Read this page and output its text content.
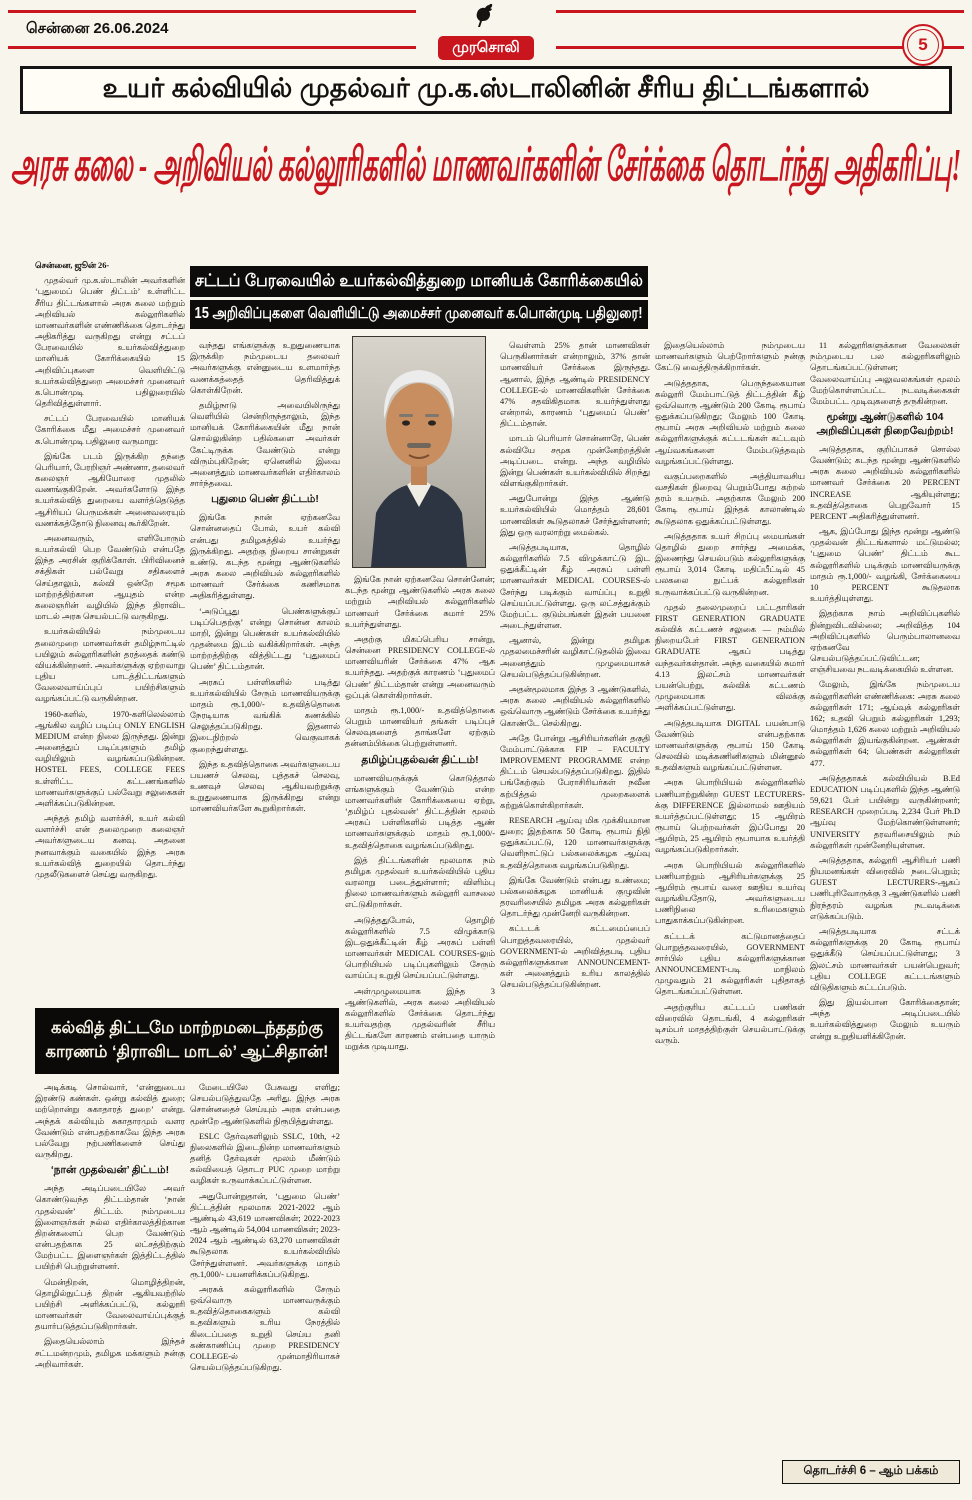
சென்னை 26.06.2024
முரசொலி	5
உயர் கல்வியில் முதல்வர் மு.க.ஸ்டாலினின் சீரிய திட்டங்களால்
அரசு கலை - அறிவியல் கல்லூரிகளில் மாணவர்களின் சேர்க்கை தொடர்ந்து அதிகரிப்பு!
சட்டப் பேரவையில் உயர்கல்வித்துறை மானியக் கோரிக்கையில்
15 அறிவிப்புகளை வெளியிட்டு அமைச்சர் முனைவர் க.பொன்முடி பதிலுரை!

சென்னை, ஜூன் 26-

முதல்வர் மு.க.ஸ்டாலின் அவர்களின் ‘புதுமைப் பெண் திட்டம்’ உள்ளிட்ட சீரிய திட்டங்களால் அரசு கலை மற்றும் அறிவியல் கல்லூரிகளில் மாணவர்களின் எண்ணிக்கை தொடர்ந்து அதிகரித்து வருகிறது என்று சட்டப் பேரவையில் உயர்கல்வித்துறை மானியக் கோரிக்கையில் 15 அறிவிப்புகளை வெளியிட்டு உயர்கல்வித்துறை அமைச்சர் முனைவர் க.பொன்முடி பதிலுரையில் தெரிவித்துள்ளார்.

சட்டப் பேரவையில் மானியக் கோரிக்கை மீது அமைச்சர் முனைவர் க.பொன்முடி பதிலுரை வருமாறு:

இங்கே படம் இருக்கிற தந்தை பெரியார், பேரறிஞர் அண்ணா, தலைவர் கலைஞர் ஆகியோரை முதலில் வணங்குகிறேன். அவர்களோடு இந்த உயர்கல்வித் துறையை வளர்த்தெடுத்த ஆசிரியப் பெருமக்கள் அனைவரையும் வணக்கத்தோடு நினைவு கூர்கிறேன்.

அனைவரும், எளியோரும் உயர்கல்வி பெற வேண்டும் என்பதே இந்த அரசின் குறிக்கோள். பிரிவினைச் சக்திகள் பல்வேறு சதிகளைச் செய்தாலும், கல்வி ஒன்றே சமூக மாற்றத்திற்கான ஆயுதம் என்ற கலைஞரின் வழியில் இந்த திராவிட மாடல் அரசு செயல்பட்டு வருகிறது.

உயர்கல்வியில் நம்முடைய தலைமுறை மாணவர்கள் தமிழ்நாட்டில் பயிலும் கல்லூரிகளின் தரத்தைக் கண்டு வியக்கின்றனர். அவர்களுக்கு ஏற்றவாறு புதிய பாடத்திட்டங்களும் வேலைவாய்ப்புப் பயிற்சிகளும் வழங்கப்பட்டு வருகின்றன.

1960-களில், 1970-களிலெல்லாம் ஆங்கில வழிப் படிப்பு ONLY ENGLISH MEDIUM என்ற நிலை இருந்தது. இன்று அனைத்துப் படிப்புகளும் தமிழ் வழியிலும் வழங்கப்படுகின்றன. HOSTEL FEES, COLLEGE FEES உள்ளிட்ட கட்டணங்களில் மாணவர்களுக்குப் பல்வேறு சலுகைகள் அளிக்கப்படுகின்றன.

அந்தத் தமிழ் வளர்ச்சி, உயர் கல்வி வளர்ச்சி என் தலைமுறை கலைஞர் அவர்களுடைய கனவு. அதனை நனவாக்கும் வகையில் இந்த அரசு உயர்கல்வித் துறையில் தொடர்ந்து முதலீடுகளைச் செய்து வருகிறது.

கல்வித் திட்டமே மாற்றமடைந்ததற்கு
காரணம் ‘திராவிட மாடல்’ ஆட்சிதான்!

அடிக்கடி சொல்வார், ‘என்னுடைய இரண்டு கண்கள். ஒன்று கல்வித் துறை; மற்றொன்று சுகாதாரத் துறை’ என்று. அந்தக் கல்வியும் சுகாதாரமும் வளர வேண்டும் என்பதற்காகவே இந்த அரசு பல்வேறு நற்பணிகளைச் செய்து வருகிறது.

‘நான் முதல்வன்’ திட்டம்!

அந்த அடிப்படையிலே அவர் கொண்டுவந்த திட்டம்தான் ‘நான் முதல்வன்’ திட்டம். நம்முடைய இளைஞர்கள் நல்ல எதிர்காலத்திற்கான திறன்களைப் பெற வேண்டும் என்பதற்காக 25 லட்சத்திற்கும் மேற்பட்ட இளைஞர்கள் இத்திட்டத்தில் பயிற்சி பெற்றுள்ளனர்.

மென்திறன், மொழித்திறன், தொழில்நுட்பத் திறன் ஆகியவற்றில் பயிற்சி அளிக்கப்பட்டு, கல்லூரி மாணவர்கள் வேலைவாய்ப்புக்குத் தயார்படுத்தப்படுகிறார்கள்.

இதையெல்லாம் இந்தச் சட்டமன்றமும், தமிழக மக்களும் நன்கு அறிவார்கள்.

வந்தது எங்களுக்கு உறுதுணையாக இருக்கிற நம்முடைய தலைவர் அவர்களுக்கு என்னுடைய உளமார்ந்த வணக்கத்தைத் தெரிவித்துக் கொள்கிறேன்.

தமிழ்நாடு அவையிலிருந்து வெளியில் சென்றிருந்தாலும், இந்த மானியக் கோரிக்கையின் மீது நான் சொல்லுகின்ற பதில்களை அவர்கள் கேட்டிருக்க வேண்டும் என்று விரும்புகிறேன்; ஏனெனில் இவை அனைத்தும் மாணவர்களின் எதிர்காலம் சார்ந்தவை.

புதுமை பெண் திட்டம்!

இங்கே நான் ஏற்கனவே சொன்னதைப் போல், உயர் கல்வி என்பது தமிழகத்தில் உயர்ந்து இருக்கிறது. அதற்கு நிறைய சான்றுகள் உண்டு. கடந்த மூன்று ஆண்டுகளில் அரசு கலை அறிவியல் கல்லூரிகளில் மாணவர் சேர்க்கை கணிசமாக அதிகரித்துள்ளது.

‘அடுப்பூது பெண்களுக்குப் படிப்பெதற்கு’ என்று சொன்ன காலம் மாறி, இன்று பெண்கள் உயர்கல்வியில் முதன்மை இடம் வகிக்கிறார்கள். அந்த மாற்றத்திற்கு வித்திட்டது ‘புதுமைப் பெண்’ திட்டம்தான்.

அரசுப் பள்ளிகளில் படித்து உயர்கல்வியில் சேரும் மாணவியருக்கு மாதம் ரூ.1,000/- உதவித்தொகை நேரடியாக வங்கிக் கணக்கில் செலுத்தப்படுகிறது. இதனால் இடைநிற்றல் வெகுவாகக் குறைந்துள்ளது.

இந்த உதவித்தொகை அவர்களுடைய பயணச் செலவு, புத்தகச் செலவு, உணவுச் செலவு ஆகியவற்றுக்கு உறுதுணையாக இருக்கிறது என்று மாணவியர்களே கூறுகிறார்கள்.

மேடையிலே பேசுவது எளிது; செயல்படுத்துவதே அரிது. இந்த அரசு சொன்னதைச் செய்யும் அரசு என்பதை மூன்றே ஆண்டுகளில் நிரூபித்துள்ளது.

ESLC தேர்வுகளிலும் SSLC, 10th, +2 நிலைகளில் இடைநின்ற மாணவர்களும் தனித் தேர்வுகள் மூலம் மீண்டும் கல்வியைத் தொடர PUC முறை மாற்று வழிகள் உருவாக்கப்பட்டுள்ளன.

அதுபோன்றுதான், ‘புதுமை பெண்’ திட்டத்தின் மூலமாக 2021-2022 ஆம் ஆண்டில் 43,619 மாணவிகள்; 2022-2023 ஆம் ஆண்டில் 54,004 மாணவிகள்; 2023-2024 ஆம் ஆண்டில் 63,270 மாணவிகள் கூடுதலாக உயர்கல்வியில் சேர்ந்துள்ளனர். அவர்களுக்கு மாதம் ரூ.1,000/- பயனளிக்கப்படுகிறது.

அரசுக் கல்லூரிகளில் சேரும் ஒவ்வொரு மாணவருக்கும் உதவித்தொகைகளும் கல்வி உதவிகளும் உரிய நேரத்தில் கிடைப்பதை உறுதி செய்ய தனி கண்காணிப்பு முறை PRESIDENCY COLLEGE-ல் முன்மாதிரியாகச் செயல்படுத்தப்படுகிறது.

இங்கே நான் ஏற்கனவே சொன்னேன்; கடந்த மூன்று ஆண்டுகளில் அரசு கலை மற்றும் அறிவியல் கல்லூரிகளில் மாணவர் சேர்க்கை சுமார் 25% உயர்ந்துள்ளது.

அதற்கு மிகப்பெரிய சான்று, சென்னை PRESIDENCY COLLEGE-ல் மாணவியரின் சேர்க்கை 47% ஆக உயர்ந்தது. அதற்குக் காரணம் ‘புதுமைப் பெண்’ திட்டம்தான் என்று அனைவரும் ஒப்புக் கொள்கிறார்கள்.

மாதம் ரூ.1,000/- உதவித்தொகை பெறும் மாணவியர் தங்கள் படிப்புச் செலவுகளைத் தாங்களே ஏற்கும் தன்னம்பிக்கை பெற்றுள்ளனர்.

தமிழ்ப்புதல்வன் திட்டம்!

மாணவியருக்குக் கொடுத்தால் எங்களுக்கும் வேண்டும் என்ற மாணவர்களின் கோரிக்கையை ஏற்று, ‘தமிழ்ப் புதல்வன்’ திட்டத்தின் மூலம் அரசுப் பள்ளிகளில் படித்த ஆண் மாணவர்களுக்கும் மாதம் ரூ.1,000/- உதவித்தொகை வழங்கப்படுகிறது.

இத் திட்டங்களின் மூலமாக நம் தமிழக முதல்வர் உயர்கல்வியில் புதிய வரலாறு படைத்துள்ளார்; விளிம்பு நிலை மாணவர்களும் கல்லூரி வாசலை எட்டுகிறார்கள்.

அடுத்ததுபோல், தொழிற் கல்லூரிகளில் 7.5 விழுக்காடு இடஒதுக்கீட்டின் கீழ் அரசுப் பள்ளி மாணவர்கள் MEDICAL COURSES-லும் பொறியியல் படிப்புகளிலும் சேரும் வாய்ப்பு உறுதி செய்யப்பட்டுள்ளது.

அள்முழுமையாக இந்த 3 ஆண்டுகளில், அரசு கலை அறிவியல் கல்லூரிகளில் சேர்க்கை தொடர்ந்து உயர்வதற்கு முதல்வரின் சீரிய திட்டங்களே காரணம் என்பதை யாரும் மறுக்க முடியாது.

வெள்ளம் 25% தான் மாணவிகள் பெருகினார்கள் என்றாலும், 37% தான் மாணவியர் சேர்க்கை இருந்தது. ஆனால், இந்த ஆண்டில் PRESIDENCY COLLEGE-ல் மாணவிகளின் சேர்க்கை 47% சதவிகிதமாக உயர்ந்துள்ளது என்றால், காரணம் ‘புதுமைப் பெண்’ திட்டம்தான்.

மாடம் பெரியார் சொன்னாரே, பெண் கல்வியே சமூக முன்னேற்றத்தின் அடிப்படை என்று. அந்த வழியில் இன்று பெண்கள் உயர்கல்வியில் சிறந்து விளங்குகிறார்கள்.

அதுபோன்று இந்த ஆண்டு உயர்கல்வியில் மொத்தம் 28,601 மாணவிகள் கூடுதலாகச் சேர்ந்துள்ளனர்; இது ஒரு வரலாற்று மைல்கல்.

அடுத்தபடியாக, தொழில் கல்லூரிகளில் 7.5 விழுக்காட்டு இட ஒதுக்கீட்டின் கீழ் அரசுப் பள்ளி மாணவர்கள் MEDICAL COURSES-ல் சேர்ந்து படிக்கும் வாய்ப்பு உறுதி செய்யப்பட்டுள்ளது. ஒரு லட்சத்துக்கும் மேற்பட்ட குடும்பங்கள் இதன் பயனை அடைந்துள்ளன.

ஆனால், இன்று தமிழக முதலமைச்சரின் வழிகாட்டுதலில் இவை அனைத்தும் முழுமையாகச் செயல்படுத்தப்படுகின்றன.

அதன்மூலமாக இந்த 3 ஆண்டுகளில், அரசு கலை அறிவியல் கல்லூரிகளில் ஒவ்வொரு ஆண்டும் சேர்க்கை உயர்ந்து கொண்டே செல்கிறது.

அதே போன்று ஆசிரியர்களின் தகுதி மேம்பாட்டுக்காக FIP – FACULTY IMPROVEMENT PROGRAMME என்ற திட்டம் செயல்படுத்தப்படுகிறது. இதில் பங்கேற்கும் பேராசிரியர்கள் நவீன கற்பித்தல் முறைகளைக் கற்றுக்கொள்கிறார்கள்.

RESEARCH ஆய்வு மிக முக்கியமான துறை; இதற்காக 50 கோடி ரூபாய் நிதி ஒதுக்கப்பட்டு, 120 மாணவர்களுக்கு வெளிநாட்டுப் பல்கலைக்கழக ஆய்வு உதவித்தொகை வழங்கப்படுகிறது.

இங்கே வேண்டும் என்பது உண்மை; பல்கலைக்கழக மானியக் குழுவின் தரவரிசையில் தமிழக அரசு கல்லூரிகள் தொடர்ந்து முன்னேறி வருகின்றன.

கட்டடக் கட்டமைப்பைப் பொறுத்தவரையில், முதல்வர் GOVERNMENT-ல் அறிவித்தபடி புதிய கல்லூரிகளுக்கான ANNOUNCEMENT-கள் அனைத்தும் உரிய காலத்தில் செயல்படுத்தப்படுகின்றன.

இதையெல்லாம் நம்முடைய மாணவர்களும் பெற்றோர்களும் நன்கு கேட்டு வைத்திருக்கிறார்கள்.

அடுத்ததாக, பெருந்தகையான கல்லூரி மேம்பாட்டுத் திட்டத்தின் கீழ் ஒவ்வொரு ஆண்டும் 200 கோடி ரூபாய் ஒதுக்கப்படுகிறது; மேலும் 100 கோடி ரூபாய் அரசு அறிவியல் மற்றும் கலை கல்லூரிகளுக்குக் கட்டடங்கள் கட்டவும் ஆய்வகங்களை மேம்படுத்தவும் வழங்கப்பட்டுள்ளது.

வகுப்பறைகளில் அத்தியாவசிய வசதிகள் நிறைவு பெறும்போது கற்றல் தரம் உயரும். அதற்காக மேலும் 200 கோடி ரூபாய் இந்தக் காலாண்டில் கூடுதலாக ஒதுக்கப்பட்டுள்ளது.

அடுத்ததாக உயர் சிறப்பு மையங்கள் தொழில் துறை சார்ந்து அமைக்க, இணைந்து செயல்படும் கல்லூரிகளுக்கு ரூபாய் 3,014 கோடி மதிப்பீட்டில் 45 பலகலை நுட்பக் கல்லூரிகள் உருவாக்கப்பட்டு வருகின்றன.

முதல் தலைமுறைப் பட்டதாரிகள் FIRST GENERATION GRADUATE கல்விக் கட்டணச் சலுகை — நம்மில் நிறையபேர் FIRST GENERATION GRADUATE ஆகப் படித்து வந்தவர்கள்தான். அந்த வகையில் சுமார் 4.13 இலட்சம் மாணவர்கள் பயன்பெற்று, கல்விக் கட்டணம் முழுமையாக விலக்கு அளிக்கப்பட்டுள்ளது.

அடுத்தபடியாக DIGITAL பயன்பாடு வேண்டும் என்பதற்காக மாணவர்களுக்கு ரூபாய் 150 கோடி செலவில் மடிக்கணினிகளும் மின்னூல் உதவிகளும் வழங்கப்பட்டுள்ளன.

அரசு பொறியியல் கல்லூரிகளில் பணியாற்றுகின்ற GUEST LECTURERS-க்கு DIFFERENCE இல்லாமல் ஊதியம் உயர்த்தப்பட்டுள்ளது; 15 ஆயிரம் ரூபாய் பெற்றவர்கள் இப்போது 20 ஆயிரம், 25 ஆயிரம் ரூபாயாக உயர்த்தி வழங்கப்படுகிறார்கள்.

அரசு பொறியியல் கல்லூரிகளில் பணியாற்றும் ஆசிரியர்களுக்கு 25 ஆயிரம் ரூபாய் வரை ஊதிய உயர்வு வழங்கியதோடு, அவர்களுடைய பணிநிலை உரிமைகளும் பாதுகாக்கப்படுகின்றன.

கட்டடக் கட்டுமானத்தைப் பொறுத்தவரையில், GOVERNMENT சார்பில் புதிய கல்லூரிகளுக்கான ANNOUNCEMENT-படி மாநிலம் முழுவதும் 21 கல்லூரிகள் புதிதாகத் தொடங்கப்பட்டுள்ளன.

அதற்குரிய கட்டடப் பணிகள் விரைவில் தொடங்கி, 4 கல்லூரிகள் டிசம்பர் மாதத்திற்குள் செயல்பாட்டுக்கு வரும்.

11 கல்லூரிகளுக்கான வேலைகள் நம்முடைய பல கல்லூரிகளிலும் தொடங்கப்பட்டுள்ளன; வேலைவாய்ப்பு அலுவலகங்கள் மூலம் மேற்கொள்ளப்பட்ட நடவடிக்கைகள் மேம்பட்ட முடிவுகளைத் தருகின்றன.

மூன்று ஆண்டுகளில் 104 அறிவிப்புகள் நிறைவேற்றம்!

அடுத்ததாக, குறிப்பாகச் சொல்ல வேண்டும்; கடந்த மூன்று ஆண்டுகளில் அரசு கலை அறிவியல் கல்லூரிகளில் மாணவர் சேர்க்கை 20 PERCENT INCREASE ஆகியுள்ளது; உதவித்தொகை பெறுவோர் 15 PERCENT அதிகரித்துள்ளனர்.

ஆக, இப்போது இந்த மூன்று ஆண்டு முதல்வன் திட்டங்களால் மட்டுமல்ல; ‘புதுமை பெண்’ திட்டம் கூட கல்லூரிகளில் படிக்கும் மாணவியருக்கு மாதம் ரூ.1,000/- வழங்கி, சேர்க்கையை 10 PERCENT கூடுதலாக உயர்த்தியுள்ளது.

இதற்காக நாம் அறிவிப்புகளில் நின்றுவிடவில்லை; அறிவித்த 104 அறிவிப்புகளில் பெரும்பாலானவை ஏற்கனவே செயல்படுத்தப்பட்டுவிட்டன; எஞ்சியவை நடவடிக்கையில் உள்ளன.

மேலும், இங்கே நம்முடைய கல்லூரிகளின் எண்ணிக்கை: அரசு கலை கல்லூரிகள் 171; ஆய்வுக் கல்லூரிகள் 162; உதவி பெறும் கல்லூரிகள் 1,293; மொத்தம் 1,626 கலை மற்றும் அறிவியல் கல்லூரிகள் இயங்குகின்றன. ஆண்கள் கல்லூரிகள் 64; பெண்கள் கல்லூரிகள் 477.

அடுத்ததாகக் கல்வியியல் B.Ed EDUCATION படிப்புகளில் இந்த ஆண்டு 59,621 பேர் பயின்று வருகின்றனர்; RESEARCH முறைப்படி 2,234 பேர் Ph.D ஆய்வு மேற்கொண்டுள்ளனர்; UNIVERSITY தரவரிசையிலும் நம் கல்லூரிகள் முன்னேறியுள்ளன.

அடுத்ததாக, கல்லூரி ஆசிரியர் பணி நியமனங்கள் விரைவில் நடைபெறும்; GUEST LECTURERS-ஆகப் பணிபுரிவோருக்கு 3 ஆண்டுகளில் பணி நிரந்தரம் வழங்க நடவடிக்கை எடுக்கப்படும்.

அடுத்தபடியாக சட்டக் கல்லூரிகளுக்கு 20 கோடி ரூபாய் ஒதுக்கீடு செய்யப்பட்டுள்ளது; 3 இலட்சம் மாணவர்கள் பயன்பெறுவர்; புதிய COLLEGE கட்டடங்களும் விடுதிகளும் கட்டப்படும்.

இது இயல்பான கோரிக்கைதான்; அந்த அடிப்படையில் உயர்கல்வித்துறை மேலும் உயரும் என்று உறுதியளிக்கிறேன்.

தொடர்ச்சி 6 – ஆம் பக்கம்
